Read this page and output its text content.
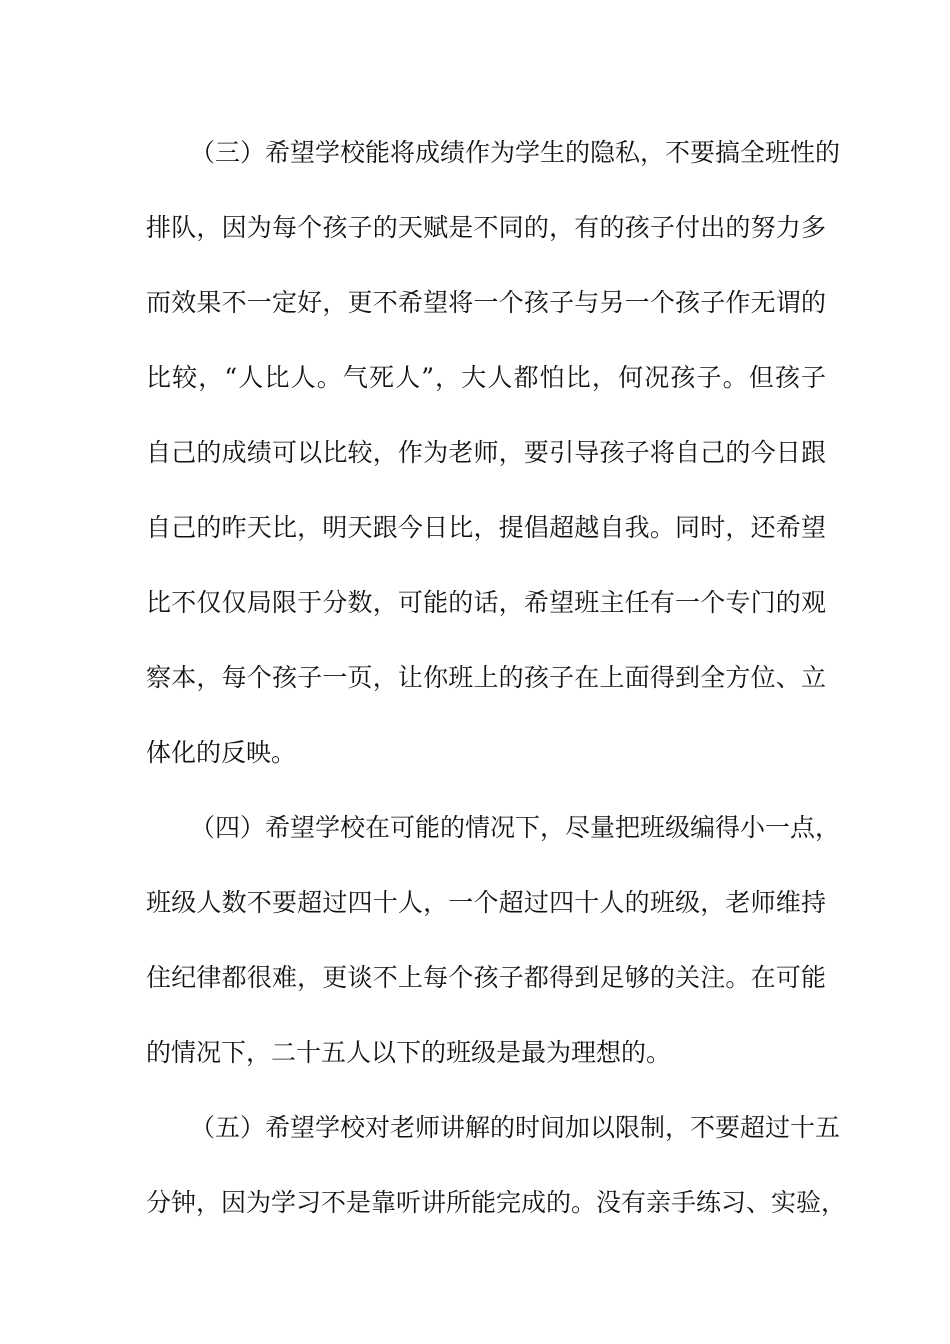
（三）希望学校能将成绩作为学生的隐私，不要搞全班性的
排队，因为每个孩子的天赋是不同的，有的孩子付出的努力多
而效果不一定好，更不希望将一个孩子与另一个孩子作无谓的
比较，“人比人。气死人”，大人都怕比，何况孩子。但孩子
自己的成绩可以比较，作为老师，要引导孩子将自己的今日跟
自己的昨天比，明天跟今日比，提倡超越自我。同时，还希望
比不仅仅局限于分数，可能的话，希望班主任有一个专门的观
察本，每个孩子一页，让你班上的孩子在上面得到全方位、立
体化的反映。
（四）希望学校在可能的情况下，尽量把班级编得小一点，
班级人数不要超过四十人，一个超过四十人的班级，老师维持
住纪律都很难，更谈不上每个孩子都得到足够的关注。在可能
的情况下，二十五人以下的班级是最为理想的。
（五）希望学校对老师讲解的时间加以限制，不要超过十五
分钟，因为学习不是靠听讲所能完成的。没有亲手练习、实验，
